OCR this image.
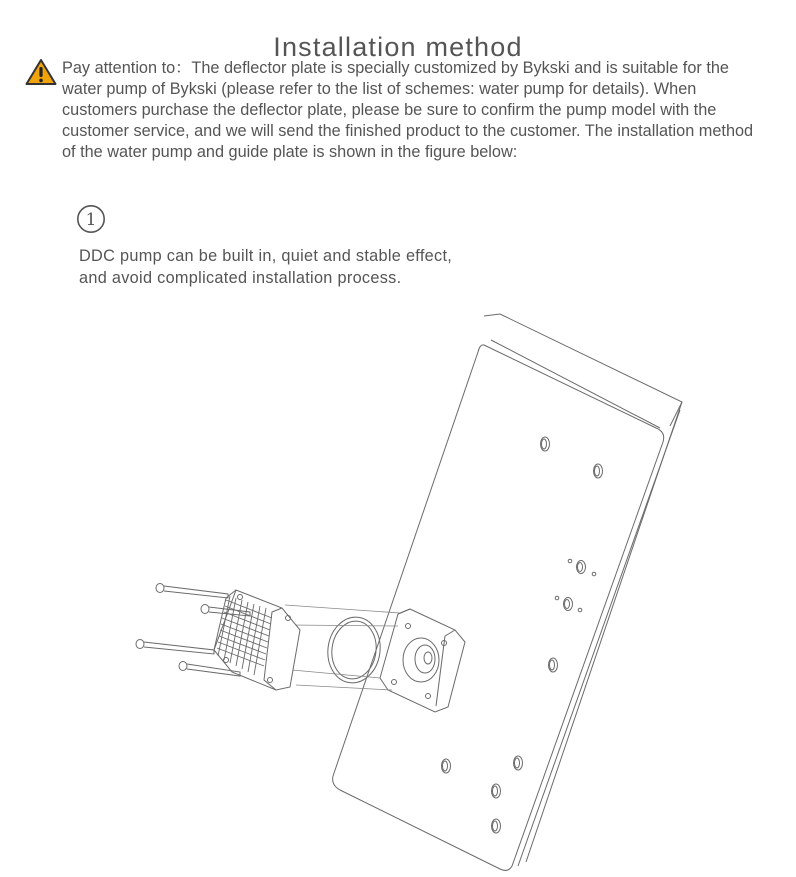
Installation method
Pay attention to：The deflector plate is specially customized by Bykski and is suitable for the water pump of Bykski (please refer to the list of schemes: water pump for details). When customers purchase the deflector plate, please be sure to confirm the pump model with the customer service, and we will send the finished product to the customer. The installation method of the water pump and guide plate is shown in the figure below:
1
DDC pump can be built in, quiet and stable effect,
and avoid complicated installation process.
